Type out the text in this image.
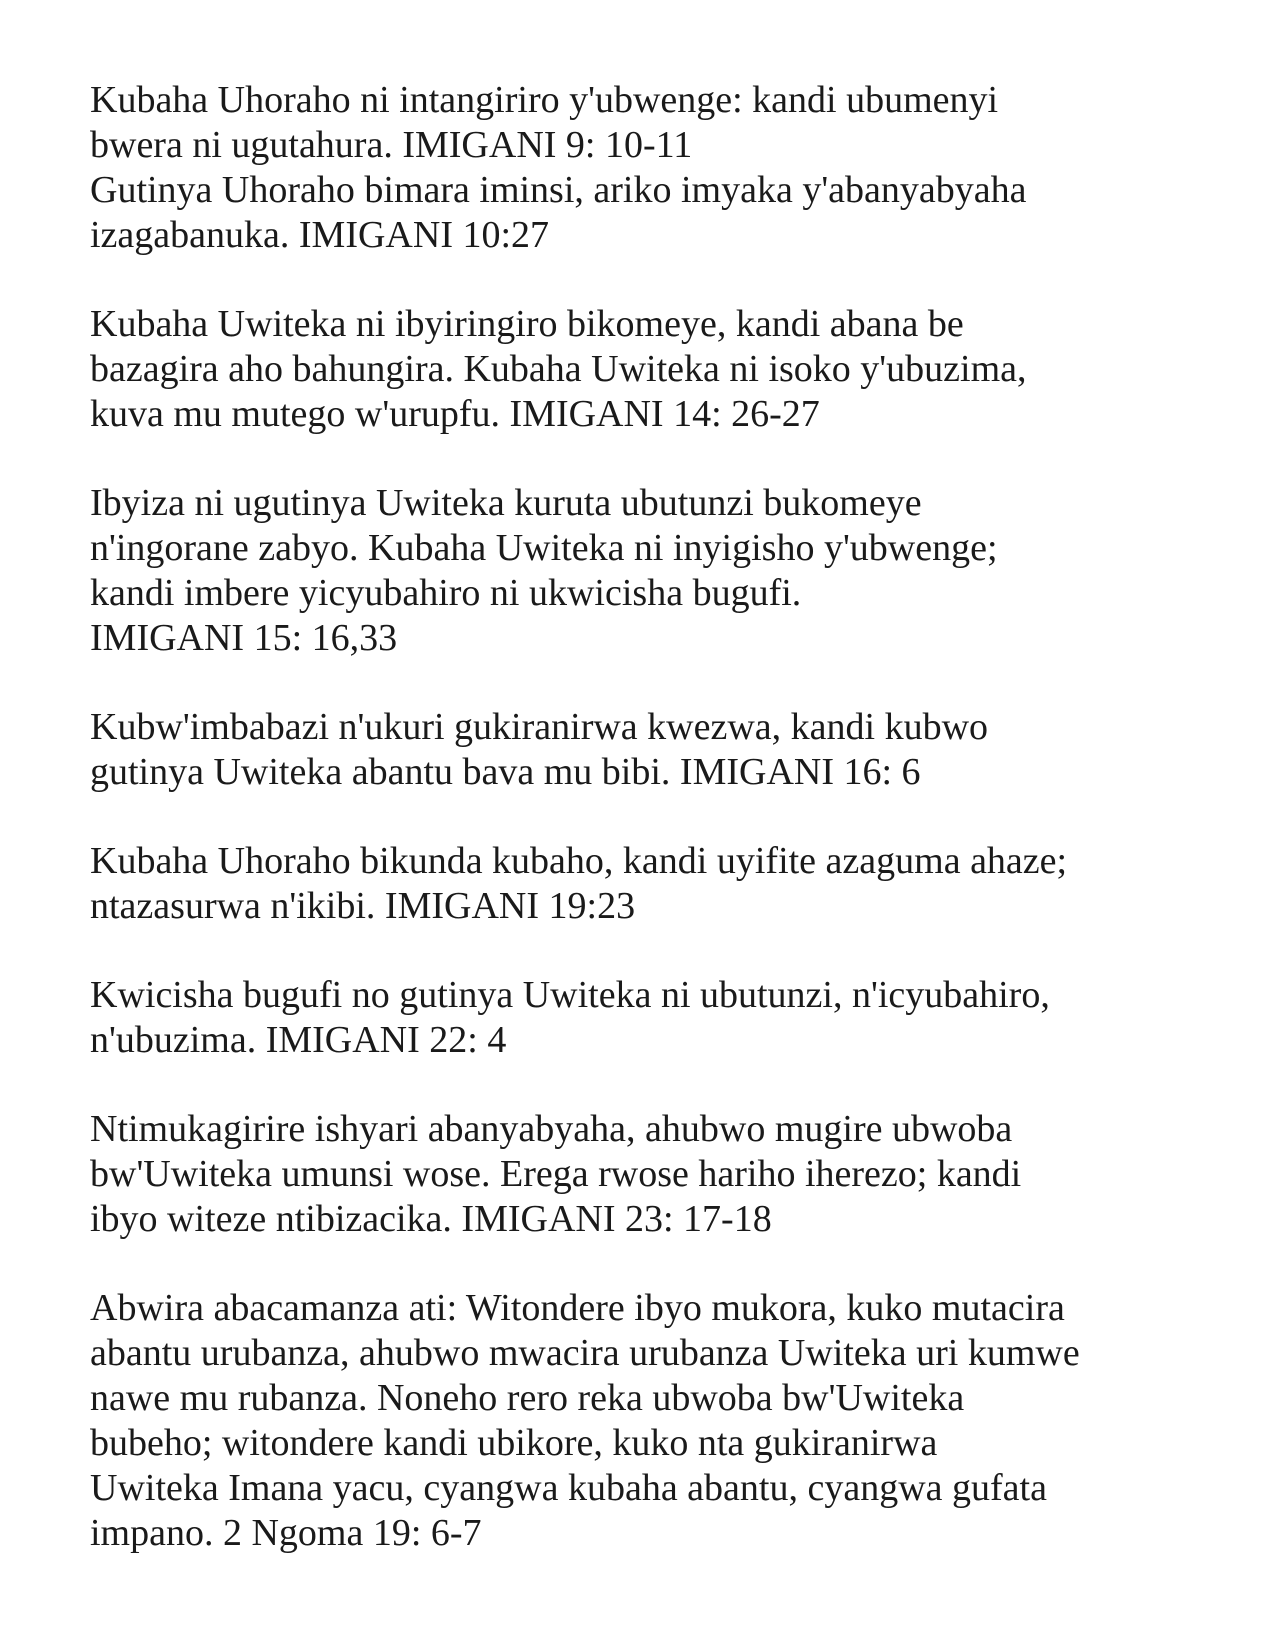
Kubaha Uhoraho ni intangiriro y'ubwenge: kandi ubumenyi
bwera ni ugutahura. IMIGANI 9: 10-11
Gutinya Uhoraho bimara iminsi, ariko imyaka y'abanyabyaha
izagabanuka. IMIGANI 10:27

Kubaha Uwiteka ni ibyiringiro bikomeye, kandi abana be
bazagira aho bahungira. Kubaha Uwiteka ni isoko y'ubuzima,
kuva mu mutego w'urupfu. IMIGANI 14: 26-27

Ibyiza ni ugutinya Uwiteka kuruta ubutunzi bukomeye
n'ingorane zabyo. Kubaha Uwiteka ni inyigisho y'ubwenge;
kandi imbere yicyubahiro ni ukwicisha bugufi.
IMIGANI 15: 16,33

Kubw'imbabazi n'ukuri gukiranirwa kwezwa, kandi kubwo
gutinya Uwiteka abantu bava mu bibi. IMIGANI 16: 6

Kubaha Uhoraho bikunda kubaho, kandi uyifite azaguma ahaze;
ntazasurwa n'ikibi. IMIGANI 19:23

Kwicisha bugufi no gutinya Uwiteka ni ubutunzi, n'icyubahiro,
n'ubuzima. IMIGANI 22: 4

Ntimukagirire ishyari abanyabyaha, ahubwo mugire ubwoba
bw'Uwiteka umunsi wose. Erega rwose hariho iherezo; kandi
ibyo witeze ntibizacika. IMIGANI 23: 17-18

Abwira abacamanza ati: Witondere ibyo mukora, kuko mutacira
abantu urubanza, ahubwo mwacira urubanza Uwiteka uri kumwe
nawe mu rubanza. Noneho rero reka ubwoba bw'Uwiteka
bubeho; witondere kandi ubikore, kuko nta gukiranirwa
Uwiteka Imana yacu, cyangwa kubaha abantu, cyangwa gufata
impano. 2 Ngoma 19: 6-7
